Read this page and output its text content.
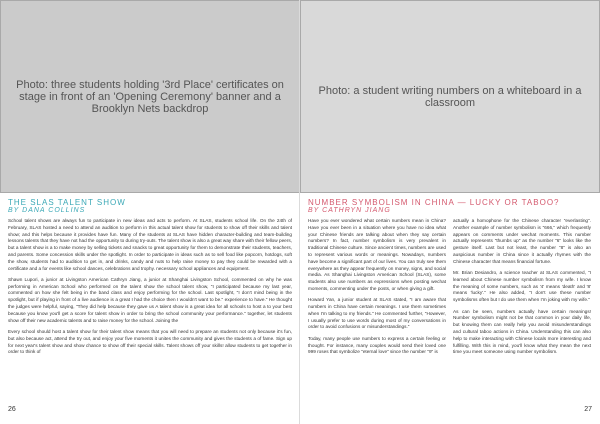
Photo: three students holding '3rd Place' certificates on stage in front of an 'Opening Ceremony' banner and a Brooklyn Nets backdrop
THE SLAS TALENT SHOW
BY DANA COLLINS

School talent shows are always fun to participate in new ideas and acts to perform. At SLAS, students school life. On the 24th of February, SLAS hosted a need to attend an audition to perform in this actual talent show for students to show off their skills and talent show; and this helps because it provides have fun. Many of the students at SLAS have hidden character-building and team-building lessons talents that they have not had the opportunity to during try-outs. The talent show is also a great way share with their fellow peers, but a talent show is a to make money by selling tickets and snacks to great opportunity for them to demonstrate their students, teachers, and parents. Some concession skills under the spotlight. In order to participate in ideas such as to sell food like popcorn, hotdogs, soft the show, students had to audition to get in, and drinks, candy and nuts to help raise money to pay they could be rewarded with a certificate and a for events like school dances, celebrations and trophy. necessary school appliances and equipment.

Shawn Lupori, a junior at Livingston American Cathryn Jiang, a junior at Shanghai Livingston School, commented on why he was performing in American School who performed on the talent show the school talent show, "I participated because my last year, commented on how she felt being in the band class and enjoy performing for the school. Last spotlight, "I don't mind being in the spotlight, but if playing in front of a live audience is a great I had the choice then I wouldn't want to be." experience to have." He thought the judges were helpful, saying, "They did help because they gave us A talent show is a great idea for all schools to host a to your best because you know you'll get a score for talent show in order to bring the school community your performance." together, let students show off their new academic talents and to raise money for the school. Joining the

Every school should host a talent show for their talent show means that you will need to prepare an students not only because it's fun, but also because act, attend the try out, and enjoy your five moments it unites the community and gives the students a of fame. Sign up for next year's talent show and show chance to show off their special skills. Talent shows off your skills! allow students to get together in order to think of

26
Photo: a student writing numbers on a whiteboard in a classroom
NUMBER SYMBOLISM IN CHINA — LUCKY OR TABOO?
BY CATHRYN JIANG

Have you ever wondered what certain numbers mean in China? Have you ever been in a situation where you have no idea what your Chinese friends are talking about when they say certain numbers? In fact, number symbolism is very prevalent in traditional Chinese culture. Since ancient times, numbers are used to represent various words or meanings. Nowadays, numbers have become a significant part of our lives. You can truly see them everywhere as they appear frequently on money, signs, and social media. As Shanghai Livingston American School (SLAS), some students also use numbers as expressions when posting wechat moments, commenting under the posts, or when giving a gift.

Howard Yan, a junior student at SLAS stated, "I am aware that numbers in China have certain meanings. I use them sometimes when I'm talking to my friends." He commented further, "However, I usually prefer to use words during most of my conversations in order to avoid confusions or misunderstandings."

Today, many people use numbers to express a certain feeling or thought. For instance, many couples would send their loved one 999 roses that symbolize "eternal love" since the number "9" is

actually a homophone for the Chinese character "everlasting". Another example of number symbolism is "666," which frequently appears on comments under wechat moments. This number actually represents "thumbs up" as the number "6" looks like the gesture itself. Last but not least, the number "8" is also an auspicious number in China since it actually rhymes with the Chinese character that means financial fortune.

Mr. Brian Desiandro, a science teacher at SLAS commented, "I learned about Chinese number symbolism from my wife. I know the meaning of some numbers, such as '4' means 'death' and '8' means 'lucky'." He also added, "I don't use these number symbolisms often but I do use them when I'm joking with my wife."

As can be seen, numbers actually have certain meanings! Number symbolism might not be that common in your daily life, but knowing them can really help you avoid misunderstandings and cultural taboo actions in China. Understanding this can also help to make interacting with Chinese locals more interesting and fulfilling. With this in mind, you'll know what they mean the next time you meet someone using number symbolism.

27
